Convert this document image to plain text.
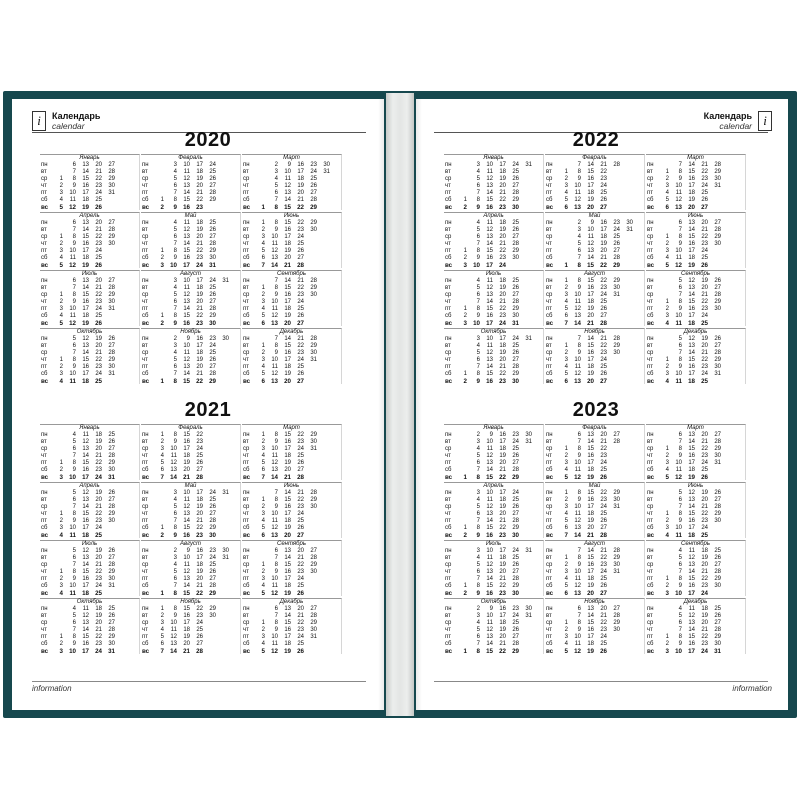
i	Календарь
calendar
2020
Январь
пн	6	13	20	27
вт	7	14	21	28
ср	1	8	15	22	29
чт	2	9	16	23	30
пт	3	10	17	24	31
сб	4	11	18	25
вс	5 12 19 26
Февраль
пн	3	10	17	24
вт	4	11	18	25
ср	5	12	19	26
чт	6	13	20	27
пт	7	14	21	28
сб	1	8	15	22	29
вс	2	9 16 23
Март
пн	2	9	16	23	30
вт	3	10	17	24	31
ср	4	11	18	25
чт	5	12	19	26
пт	6	13	20	27
сб	7	14	21	28
вс	1	8 15 22 29
Апрель
пн	6	13	20	27
вт	7	14	21	28
ср	1	8	15	22	29
чт	2	9	16	23	30
пт	3	10	17	24
сб	4	11	18	25
вс	5 12 19 26
Май
пн	4	11	18	25
вт	5	12	19	26
ср	6	13	20	27
чт	7	14	21	28
пт	1	8	15	22	29
сб	2	9	16	23	30
вс	3 10 17 24 31
Июнь
пн	1	8	15	22	29
вт	2	9	16	23	30
ср	3	10	17	24
чт	4	11	18	25
пт	5	12	19	26
сб	6	13	20	27
вс	7 14 21 28
Июль
пн	6	13	20	27
вт	7	14	21	28
ср	1	8	15	22	29
чт	2	9	16	23	30
пт	3	10	17	24	31
сб	4	11	18	25
вс	5 12 19 26
Август
пн	3	10	17	24	31
вт	4	11	18	25
ср	5	12	19	26
чт	6	13	20	27
пт	7	14	21	28
сб	1	8	15	22	29
вс	2	9 16 23 30
Сентябрь
пн	7	14	21	28
вт	1	8	15	22	29
ср	2	9	16	23	30
чт	3	10	17	24
пт	4	11	18	25
сб	5	12	19	26
вс	6 13 20 27
Октябрь
пн	5	12	19	26
вт	6	13	20	27
ср	7	14	21	28
чт	1	8	15	22	29
пт	2	9	16	23	30
сб	3	10	17	24	31
вс	4	11 18 25
Ноябрь
пн	2	9	16	23	30
вт	3	10	17	24
ср	4	11	18	25
чт	5	12	19	26
пт	6	13	20	27
сб	7	14	21	28
вс	1	8 15 22 29
Декабрь
пн	7	14	21	28
вт	1	8	15	22	29
ср	2	9	16	23	30
чт	3	10	17	24	31
пт	4	11	18	25
сб	5	12	19	26
вс	6 13 20 27
2021
Январь
пн	4	11	18	25
вт	5	12	19	26
ср	6	13	20	27
чт	7	14	21	28
пт	1	8	15	22	29
сб	2	9	16	23	30
вс	3 10 17 24 31
Февраль
пн	1	8	15	22
вт	2	9	16	23
ср	3	10	17	24
чт	4	11	18	25
пт	5	12	19	26
сб	6	13	20	27
вс	7 14 21 28
Март
пн	1	8	15	22	29
вт	2	9	16	23	30
ср	3	10	17	24	31
чт	4	11	18	25
пт	5	12	19	26
сб	6	13	20	27
вс	7 14 21 28
Апрель
пн	5	12	19	26
вт	6	13	20	27
ср	7	14	21	28
чт	1	8	15	22	29
пт	2	9	16	23	30
сб	3	10	17	24
вс	4	11 18 25
Май
пн	3	10	17	24	31
вт	4	11	18	25
ср	5	12	19	26
чт	6	13	20	27
пт	7	14	21	28
сб	1	8	15	22	29
вс	2	9 16 23 30
Июнь
пн	7	14	21	28
вт	1	8	15	22	29
ср	2	9	16	23	30
чт	3	10	17	24
пт	4	11	18	25
сб	5	12	19	26
вс	6 13 20 27
Июль
пн	5	12	19	26
вт	6	13	20	27
ср	7	14	21	28
чт	1	8	15	22	29
пт	2	9	16	23	30
сб	3	10	17	24	31
вс	4	11 18 25
Август
пн	2	9	16	23	30
вт	3	10	17	24	31
ср	4	11	18	25
чт	5	12	19	26
пт	6	13	20	27
сб	7	14	21	28
вс	1	8 15 22 29
Сентябрь
пн	6	13	20	27
вт	7	14	21	28
ср	1	8	15	22	29
чт	2	9	16	23	30
пт	3	10	17	24
сб	4	11	18	25
вс	5 12 19 26
Октябрь
пн	4	11	18	25
вт	5	12	19	26
ср	6	13	20	27
чт	7	14	21	28
пт	1	8	15	22	29
сб	2	9	16	23	30
вс	3 10 17 24 31
Ноябрь
пн	1	8	15	22	29
вт	2	9	16	23	30
ср	3	10	17	24
чт	4	11	18	25
пт	5	12	19	26
сб	6	13	20	27
вс	7 14 21 28
Декабрь
пн	6	13	20	27
вт	7	14	21	28
ср	1	8	15	22	29
чт	2	9	16	23	30
пт	3	10	17	24	31
сб	4	11	18	25
вс	5 12 19 26
information
i
Календарь
calendar
2022
Январь
пн	3	10	17	24	31
вт	4	11	18	25
ср	5	12	19	26
чт	6	13	20	27
пт	7	14	21	28
сб	1	8	15	22	29
вс	2	9 16 23 30
Февраль
пн	7	14	21	28
вт	1	8	15	22
ср	2	9	16	23
чт	3	10	17	24
пт	4	11	18	25
сб	5	12	19	26
вс	6 13 20 27
Март
пн	7	14	21	28
вт	1	8	15	22	29
ср	2	9	16	23	30
чт	3	10	17	24	31
пт	4	11	18	25
сб	5	12	19	26
вс	6 13 20 27
Апрель
пн	4	11	18	25
вт	5	12	19	26
ср	6	13	20	27
чт	7	14	21	28
пт	1	8	15	22	29
сб	2	9	16	23	30
вс	3 10 17 24
Май
пн	2	9	16	23	30
вт	3	10	17	24	31
ср	4	11	18	25
чт	5	12	19	26
пт	6	13	20	27
сб	7	14	21	28
вс	1	8 15 22 29
Июнь
пн	6	13	20	27
вт	7	14	21	28
ср	1	8	15	22	29
чт	2	9	16	23	30
пт	3	10	17	24
сб	4	11	18	25
вс	5 12 19 26
Июль
пн	4	11	18	25
вт	5	12	19	26
ср	6	13	20	27
чт	7	14	21	28
пт	1	8	15	22	29
сб	2	9	16	23	30
вс	3 10 17 24 31
Август
пн	1	8	15	22	29
вт	2	9	16	23	30
ср	3	10	17	24	31
чт	4	11	18	25
пт	5	12	19	26
сб	6	13	20	27
вс	7 14 21 28
Сентябрь
пн	5	12	19	26
вт	6	13	20	27
ср	7	14	21	28
чт	1	8	15	22	29
пт	2	9	16	23	30
сб	3	10	17	24
вс	4	11 18 25
Октябрь
пн	3	10	17	24	31
вт	4	11	18	25
ср	5	12	19	26
чт	6	13	20	27
пт	7	14	21	28
сб	1	8	15	22	29
вс	2	9 16 23 30
Ноябрь
пн	7	14	21	28
вт	1	8	15	22	29
ср	2	9	16	23	30
чт	3	10	17	24
пт	4	11	18	25
сб	5	12	19	26
вс	6 13 20 27
Декабрь
пн	5	12	19	26
вт	6	13	20	27
ср	7	14	21	28
чт	1	8	15	22	29
пт	2	9	16	23	30
сб	3	10	17	24	31
вс	4	11 18 25
2023
Январь
пн	2	9	16	23	30
вт	3	10	17	24	31
ср	4	11	18	25
чт	5	12	19	26
пт	6	13	20	27
сб	7	14	21	28
вс	1	8 15 22 29
Февраль
пн	6	13	20	27
вт	7	14	21	28
ср	1	8	15	22
чт	2	9	16	23
пт	3	10	17	24
сб	4	11	18	25
вс	5 12 19 26
Март
пн	6	13	20	27
вт	7	14	21	28
ср	1	8	15	22	29
чт	2	9	16	23	30
пт	3	10	17	24	31
сб	4	11	18	25
вс	5 12 19 26
Апрель
пн	3	10	17	24
вт	4	11	18	25
ср	5	12	19	26
чт	6	13	20	27
пт	7	14	21	28
сб	1	8	15	22	29
вс	2	9 16 23 30
Май
пн	1	8	15	22	29
вт	2	9	16	23	30
ср	3	10	17	24	31
чт	4	11	18	25
пт	5	12	19	26
сб	6	13	20	27
вс	7 14 21 28
Июнь
пн	5	12	19	26
вт	6	13	20	27
ср	7	14	21	28
чт	1	8	15	22	29
пт	2	9	16	23	30
сб	3	10	17	24
вс	4	11 18 25
Июль
пн	3	10	17	24	31
вт	4	11	18	25
ср	5	12	19	26
чт	6	13	20	27
пт	7	14	21	28
сб	1	8	15	22	29
вс	2	9 16 23 30
Август
пн	7	14	21	28
вт	1	8	15	22	29
ср	2	9	16	23	30
чт	3	10	17	24	31
пт	4	11	18	25
сб	5	12	19	26
вс	6 13 20 27
Сентябрь
пн	4	11	18	25
вт	5	12	19	26
ср	6	13	20	27
чт	7	14	21	28
пт	1	8	15	22	29
сб	2	9	16	23	30
вс	3 10 17 24
Октябрь
пн	2	9	16	23	30
вт	3	10	17	24	31
ср	4	11	18	25
чт	5	12	19	26
пт	6	13	20	27
сб	7	14	21	28
вс	1	8 15 22 29
Ноябрь
пн	6	13	20	27
вт	7	14	21	28
ср	1	8	15	22	29
чт	2	9	16	23	30
пт	3	10	17	24
сб	4	11	18	25
вс	5 12 19 26
Декабрь
пн	4	11	18	25
вт	5	12	19	26
ср	6	13	20	27
чт	7	14	21	28
пт	1	8	15	22	29
сб	2	9	16	23	30
вс	3 10 17 24 31
information
